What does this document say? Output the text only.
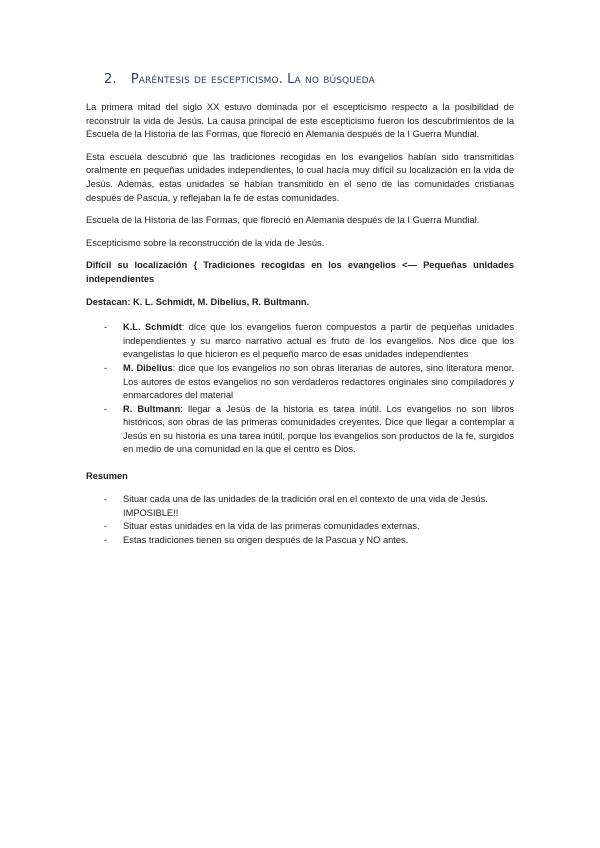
2. Paréntesis de escepticismo. La no búsqueda

La primera mitad del siglo XX estuvo dominada por el escepticismo respecto a la posibilidad de reconstruir la vida de Jesús. La causa principal de este escepticismo fueron los descubrimientos de la Escuela de la Historia de las Formas, que floreció en Alemania después de la I Guerra Mundial.

Esta escuela descubrió que las tradiciones recogidas en los evangelios habían sido transmitidas oralmente en pequeñas unidades independientes, lo cual hacía muy difícil su localización en la vida de Jesús. Además, estas unidades se habían transmitido en el seno de las comunidades cristianas después de Pascua, y reflejaban la fe de estas comunidades.

Escuela de la Historia de las Formas, que floreció en Alemania después de la I Guerra Mundial.

Escepticismo sobre la reconstrucción de la vida de Jesús.

Difícil su localización { Tradiciones recogidas en los evangelios <— Pequeñas unidades independientes

Destacan: K. L. Schmidt, M. Dibelius, R. Bultmann.

- K.L. Schmidt: dice que los evangelios fueron compuestos a partir de pequeñas unidades independientes y su marco narrativo actual es fruto de los evangelios. Nos dice que los evangelistas lo que hicieron es el pequeño marco de esas unidades independientes
- M. Dibelius: dice que los evangelios no son obras literarias de autores, sino literatura menor. Los autores de estos evangelios no son verdaderos redactores originales sino compiladores y enmarcadores del material
- R. Bultmann: llegar a Jesús de la historia es tarea inútil. Los evangelios no son libros históricos, son obras de las primeras comunidades creyentes. Dice que llegar a contemplar a Jesús en su historia es una tarea inútil, porque los evangelios son productos de la fe, surgidos en medio de una comunidad en la que el centro es Dios.
Resumen
- Situar cada una de las unidades de la tradición oral en el contexto de una vida de Jesús. IMPOSIBLE!!
- Situar estas unidades en la vida de las primeras comunidades externas.
- Estas tradiciones tienen su origen después de la Pascua y NO antes.
